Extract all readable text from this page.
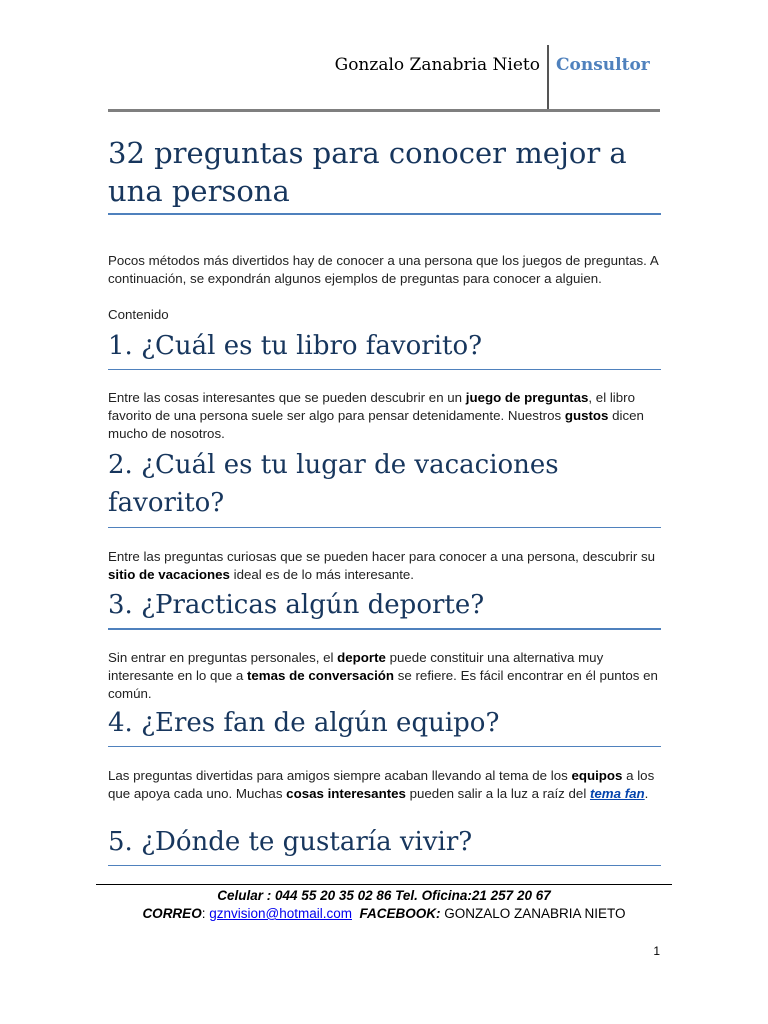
Gonzalo Zanabria Nieto Consultor
32 preguntas para conocer mejor a una persona

Pocos métodos más divertidos hay de conocer a una persona que los juegos de preguntas. A continuación, se expondrán algunos ejemplos de preguntas para conocer a alguien.

Contenido

1. ¿Cuál es tu libro favorito?

Entre las cosas interesantes que se pueden descubrir en un juego de preguntas, el libro favorito de una persona suele ser algo para pensar detenidamente. Nuestros gustos dicen mucho de nosotros.

2. ¿Cuál es tu lugar de vacaciones favorito?

Entre las preguntas curiosas que se pueden hacer para conocer a una persona, descubrir su sitio de vacaciones ideal es de lo más interesante.

3. ¿Practicas algún deporte?

Sin entrar en preguntas personales, el deporte puede constituir una alternativa muy interesante en lo que a temas de conversación se refiere. Es fácil encontrar en él puntos en común.

4. ¿Eres fan de algún equipo?

Las preguntas divertidas para amigos siempre acaban llevando al tema de los equipos a los que apoya cada uno. Muchas cosas interesantes pueden salir a la luz a raíz del tema fan.

5. ¿Dónde te gustaría vivir?
Celular : 044 55 20 35 02 86 Tel. Oficina:21 257 20 67
CORREO: gznvision@hotmail.com FACEBOOK: GONZALO ZANABRIA NIETO
1
